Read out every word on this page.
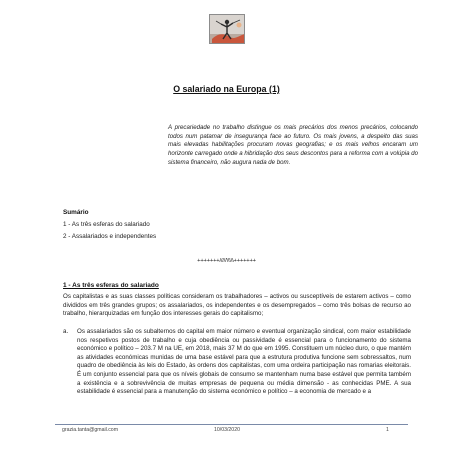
O salariado na Europa (1)
A precariedade no trabalho distingue os mais precários dos menos precários, colocando todos num patamar de insegurança face ao futuro. Os mais jovens, a despeito das suas mais elevadas habilitações procuram novas geografias; e os mais velhos encaram um horizonte carregado onde a hibridação dos seus descontos para a reforma com a volúpia do sistema financeiro, não augura nada de bom.
Sumário
1 - As três esferas do salariado
2 - Assalariados e independentes
+++++++/////\\\\\+++++++
1 - As três esferas do salariado
Os capitalistas e as suas classes políticas consideram os trabalhadores – activos ou susceptíveis de estarem activos – como divididos em três grandes grupos; os assalariados, os independentes e os desempregados – como três bolsas de recurso ao trabalho, hierarquizadas em função dos interesses gerais do capitalismo;
a. Os assalariados são os subalternos do capital em maior número e eventual organização sindical, com maior estabilidade nos respetivos postos de trabalho e cuja obediência ou passividade é essencial para o funcionamento do sistema económico e político – 203.7 M na UE, em 2018, mais 37 M do que em 1995. Constituem um núcleo duro, o que mantém as atividades económicas munidas de uma base estável para que a estrutura produtiva funcione sem sobressaltos, num quadro de obediência às leis do Estado, às ordens dos capitalistas, com uma ordeira participação nas romarias eleitorais. É um conjunto essencial para que os níveis globais de consumo se mantenham numa base estável que permita também a existência e a sobrevivência de muitas empresas de pequena ou média dimensão - as conhecidas PME. A sua estabilidade é essencial para a manutenção do sistema económico e político – a economia de mercado e a
grazia.tanta@gmail.com	10/03/2020	1
